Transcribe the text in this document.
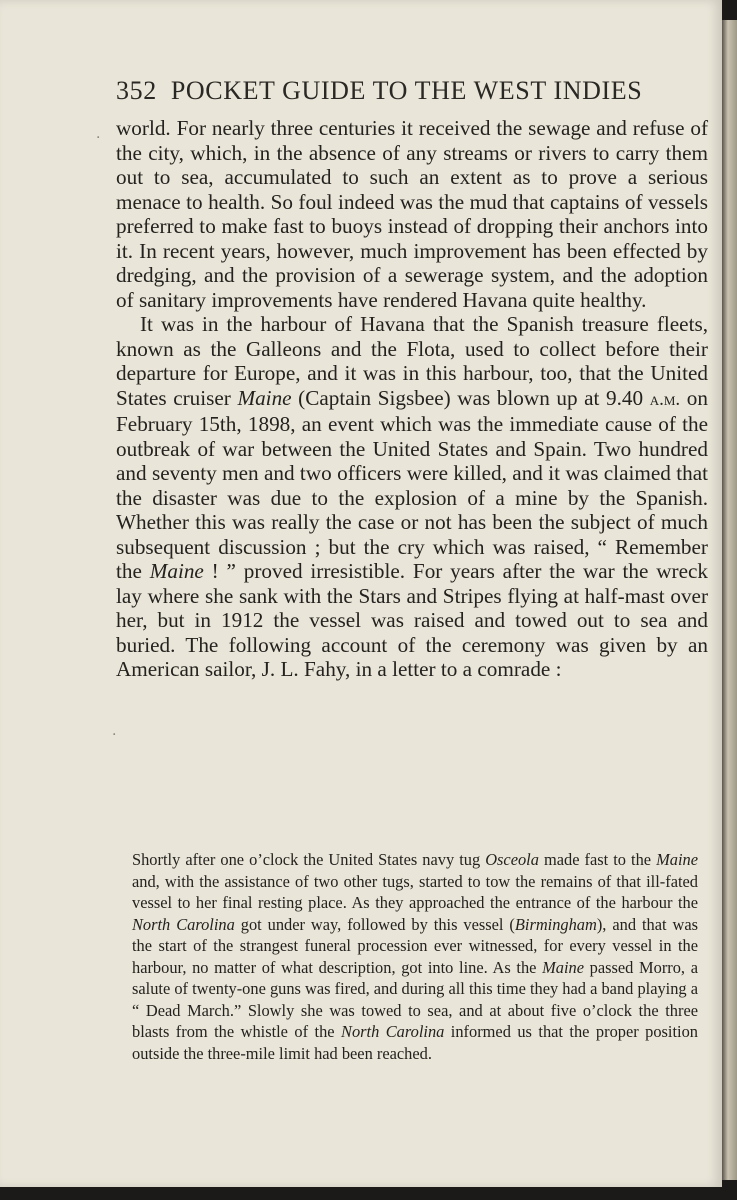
·
·
352 POCKET GUIDE TO THE WEST INDIES

world. For nearly three centuries it received the sewage and refuse of the city, which, in the absence of any streams or rivers to carry them out to sea, accumulated to such an extent as to prove a serious menace to health. So foul indeed was the mud that captains of vessels preferred to make fast to buoys instead of dropping their anchors into it. In recent years, however, much improvement has been effected by dredging, and the provision of a sewerage system, and the adoption of sanitary improvements have rendered Havana quite healthy.

It was in the harbour of Havana that the Spanish treasure fleets, known as the Galleons and the Flota, used to collect before their departure for Europe, and it was in this harbour, too, that the United States cruiser Maine (Captain Sigsbee) was blown up at 9.40 a.m. on February 15th, 1898, an event which was the immediate cause of the outbreak of war between the United States and Spain. Two hundred and seventy men and two officers were killed, and it was claimed that the disaster was due to the explosion of a mine by the Spanish. Whether this was really the case or not has been the subject of much subsequent discussion ; but the cry which was raised, “ Remember the Maine ! ” proved irresistible. For years after the war the wreck lay where she sank with the Stars and Stripes flying at half-mast over her, but in 1912 the vessel was raised and towed out to sea and buried. The following account of the ceremony was given by an American sailor, J. L. Fahy, in a letter to a comrade :

Shortly after one o’clock the United States navy tug Osceola made fast to the Maine and, with the assistance of two other tugs, started to tow the remains of that ill-fated vessel to her final resting place. As they approached the entrance of the harbour the North Carolina got under way, followed by this vessel (Birmingham), and that was the start of the strangest funeral procession ever witnessed, for every vessel in the harbour, no matter of what description, got into line. As the Maine passed Morro, a salute of twenty-one guns was fired, and during all this time they had a band playing a “ Dead March.” Slowly she was towed to sea, and at about five o’clock the three blasts from the whistle of the North Carolina informed us that the proper position outside the three-mile limit had been reached.
